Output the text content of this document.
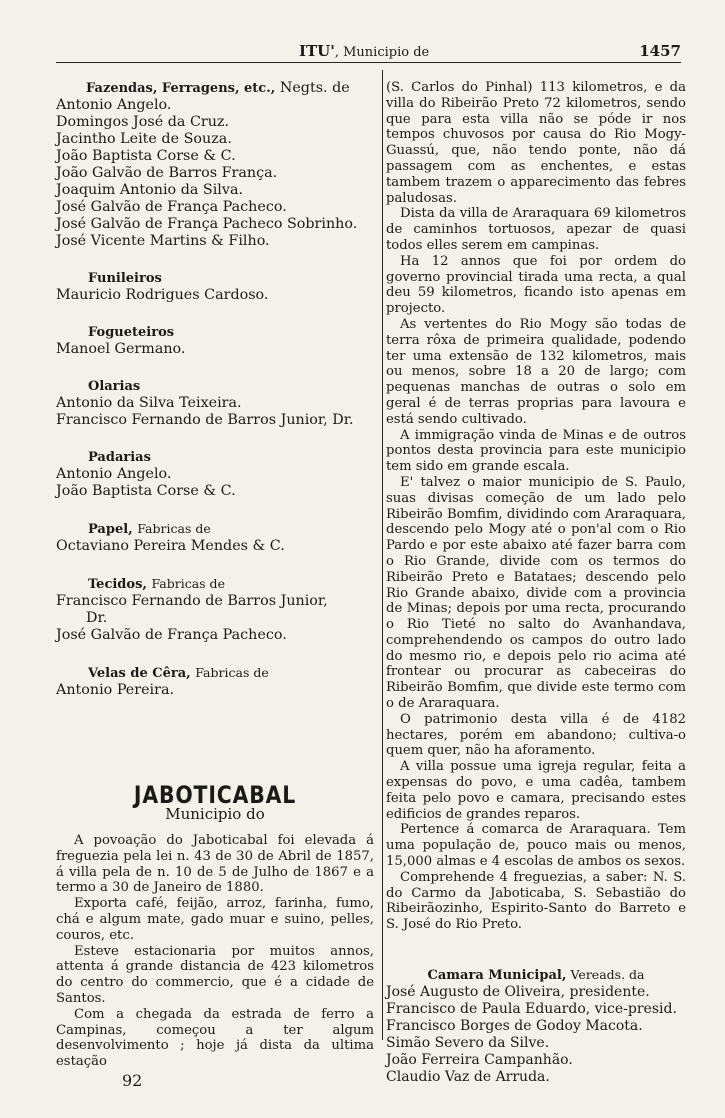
ITU', Municipio de	1457
Fazendas, Ferragens, etc., Negts. de
Antonio Angelo.
Domingos José da Cruz.
Jacintho Leite de Souza.
João Baptista Corse & C.
João Galvão de Barros França.
Joaquim Antonio da Silva.
José Galvão de França Pacheco.
José Galvão de França Pacheco Sobrinho.
José Vicente Martins & Filho.
Funileiros
Mauricio Rodrigues Cardoso.
Fogueteiros
Manoel Germano.
Olarias
Antonio da Silva Teixeira.
Francisco Fernando de Barros Junior, Dr.
Padarias
Antonio Angelo.
João Baptista Corse & C.
Papel, Fabricas de
Octaviano Pereira Mendes & C.
Tecidos, Fabricas de
Francisco Fernando de Barros Junior,
Dr.
José Galvão de França Pacheco.
Velas de Cêra, Fabricas de
Antonio Pereira.
JABOTICABAL
Municipio do

A povoação do Jaboticabal foi elevada á freguezia pela lei n. 43 de 30 de Abril de 1857, á villa pela de n. 10 de 5 de Julho de 1867 e a termo a 30 de Janeiro de 1880.

Exporta café, feijão, arroz, farinha, fumo, chá e algum mate, gado muar e suino, pelles, couros, etc.

Esteve estacionaria por muitos annos, attenta á grande distancia de 423 kilometros do centro do commercio, que é a cidade de Santos.

Com a chegada da estrada de ferro a Campinas, começou a ter algum desenvolvimento ; hoje já dista da ultima estação

92

(S. Carlos do Pinhal) 113 kilometros, e da villa do Ribeirão Preto 72 kilometros, sendo que para esta villa não se póde ir nos tempos chuvosos por causa do Rio Mogy-Guassú, que, não tendo ponte, não dá passagem com as enchentes, e estas tambem trazem o apparecimento das febres paludosas.

Dista da villa de Araraquara 69 kilometros de caminhos tortuosos, apezar de quasi todos elles serem em campinas.

Ha 12 annos que foi por ordem do governo provincial tirada uma recta, a qual deu 59 kilometros, ficando isto apenas em projecto.

As vertentes do Rio Mogy são todas de terra rôxa de primeira qualidade, podendo ter uma extensão de 132 kilometros, mais ou menos, sobre 18 a 20 de largo; com pequenas manchas de outras o solo em geral é de terras proprias para lavoura e está sendo cultivado.

A immigração vinda de Minas e de outros pontos desta provincia para este municipio tem sido em grande escala.

E' talvez o maior municipio de S. Paulo, suas divisas começão de um lado pelo Ribeirão Bomfim, dividindo com Araraquara, descendo pelo Mogy até o pon'al com o Rio Pardo e por este abaixo até fazer barra com o Rio Grande, divide com os termos do Ribeirão Preto e Batataes; descendo pelo Rio Grande abaixo, divide com a provincia de Minas; depois por uma recta, procurando o Rio Tieté no salto do Avanhandava, comprehendendo os campos do outro lado do mesmo rio, e depois pelo rio acima até frontear ou procurar as cabeceiras do Ribeirão Bomfim, que divide este termo com o de Araraquara.

O patrimonio desta villa é de 4182 hectares, porém em abandono; cultiva-o quem quer, não ha aforamento.

A villa possue uma igreja regular, feita a expensas do povo, e uma cadêa, tambem feita pelo povo e camara, precisando estes edificios de grandes reparos.

Pertence á comarca de Araraquara. Tem uma população de, pouco mais ou menos, 15,000 almas e 4 escolas de ambos os sexos.

Comprehende 4 freguezias, a saber: N. S. do Carmo da Jaboticaba, S. Sebastião do Ribeirãozinho, Espirito-Santo do Barreto e S. José do Rio Preto.

Camara Municipal, Vereads. da
José Augusto de Oliveira, presidente.
Francisco de Paula Eduardo, vice-presid.
Francisco Borges de Godoy Macota.
Simão Severo da Silve.
João Ferreira Campanhão.
Claudio Vaz de Arruda.
